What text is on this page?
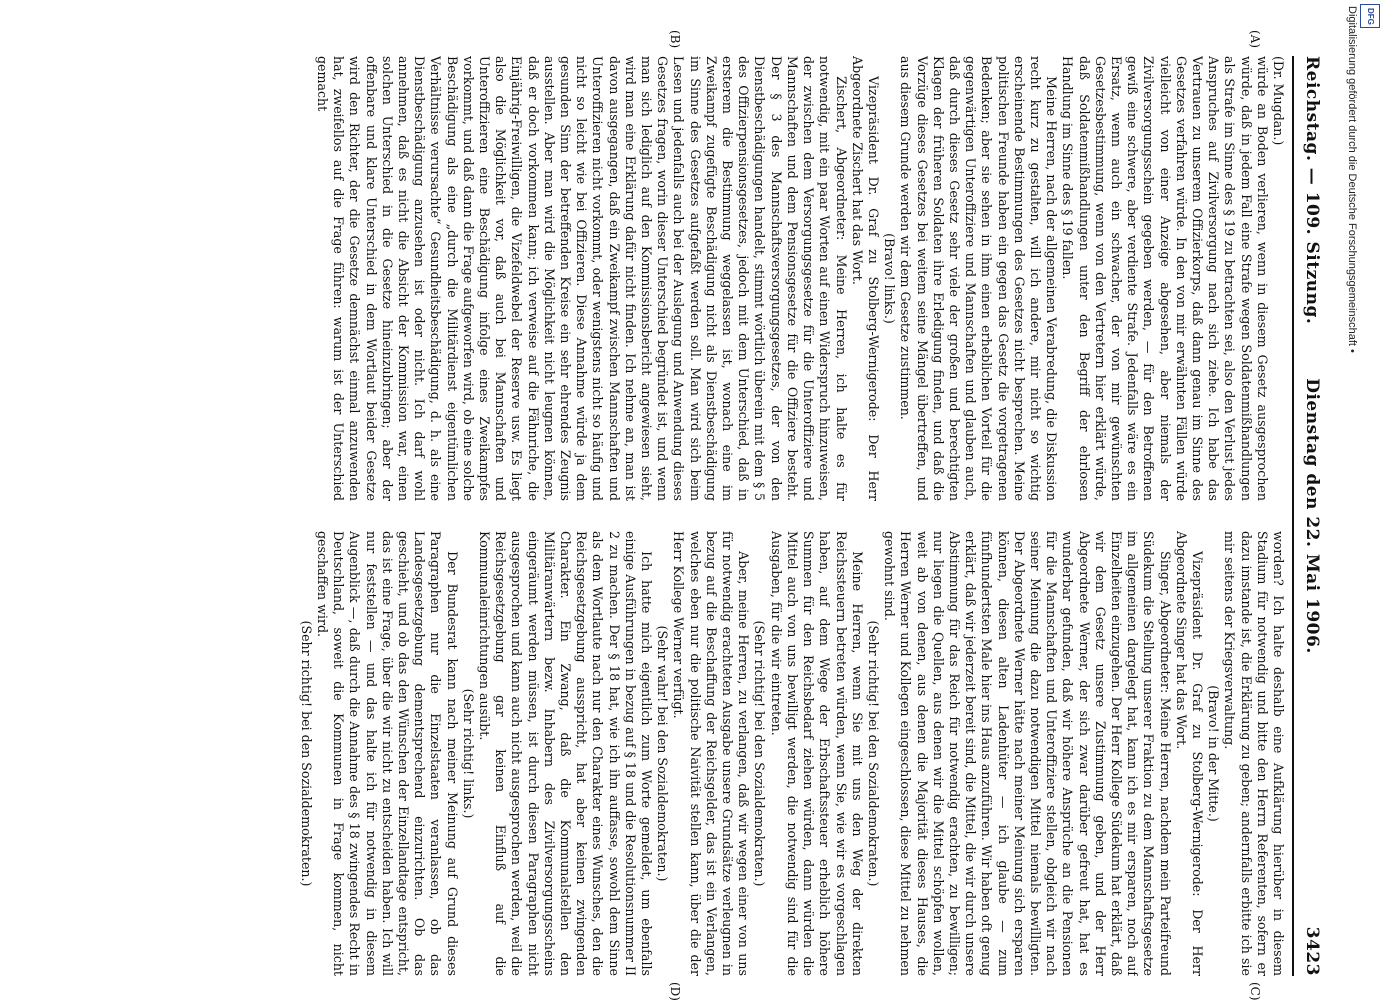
Reichstag. — 109. Sitzung.
Dienstag den 22. Mai 1906.
3423
(A)
(B)
(C)
(D)

(Dr. Mugdan.)

würde an Boden verlieren, wenn in diesem Gesetz ausgesprochen würde, daß in jedem Fall eine Strafe wegen Soldatenmißhandlungen als Strafe im Sinne des § 19 zu betrachten sei, also den Verlust jedes Anspruches auf Zivilversorgung nach sich ziehe. Ich habe das Vertrauen zu unserem Offizierkorps, daß dann genau im Sinne des Gesetzes verfahren würde. In den von mir erwähnten Fällen würde vielleicht von einer Anzeige abgesehen, aber niemals der Zivilversorgungsschein gegeben werden, — für den Betroffenen gewiß eine schwere, aber verdiente Strafe. Jedenfalls wäre es ein Ersatz, wenn auch ein schwacher, der von mir gewünschten Gesetzesbestimmung, wenn von den Vertretern hier erklärt würde, daß Soldatenmißhandlungen unter den Begriff der ehrlosen Handlung im Sinne des § 19 fallen.

Meine Herren, nach der allgemeinen Verabredung, die Diskussion recht kurz zu gestalten, will ich andere, mir nicht so wichtig erscheinende Bestimmungen des Gesetzes nicht besprechen. Meine politischen Freunde haben ein gegen das Gesetz die vorgetragenen Bedenken; aber sie sehen in ihm einen erheblichen Vorteil für die gegenwärtigen Unteroffiziere und Mannschaften und glauben auch, daß durch dieses Gesetz sehr viele der großen und berechtigten Klagen der früheren Soldaten ihre Erledigung finden, und daß die Vorzüge dieses Gesetzes bei weitem seine Mängel übertreffen, und aus diesem Grunde werden wir dem Gesetze zustimmen.

(Bravo! links.)

Vizepräsident Dr. Graf zu Stolberg-Wernigerode: Der Herr Abgeordnete Zischert hat das Wort.

Zischert, Abgeordneter: Meine Herren, ich halte es für notwendig, mit ein paar Worten auf einen Widerspruch hinzuweisen, der zwischen dem Versorgungsgesetze für die Unteroffiziere und Mannschaften und dem Pensionsgesetze für die Offiziere besteht. Der § 3 des Mannschaftsversorgungsgesetzes, der von den Dienstbeschädigungen handelt, stimmt wörtlich überein mit dem § 5 des Offizierpensionsgesetzes, jedoch mit dem Unterschied, daß in ersterem die Bestimmung weggelassen ist, wonach eine im Zweikampf zugefügte Beschädigung nicht als Dienstbeschädigung im Sinne des Gesetzes aufgefaßt werden soll. Man wird sich beim Lesen und jedenfalls auch bei der Auslegung und Anwendung dieses Gesetzes fragen, worin dieser Unterschied begründet ist, und wenn man sich lediglich auf den Kommissionsbericht angewiesen sieht, wird man eine Erklärung dafür nicht finden. Ich nehme an, man ist davon ausgegangen, daß ein Zweikampf zwischen Mannschaften und Unteroffizieren nicht vorkommt, oder wenigstens nicht so häufig und nicht so leicht wie bei Offizieren. Diese Annahme würde ja dem gesunden Sinn der betreffenden Kreise ein sehr ehrendes Zeugnis ausstellen. Aber man wird die Möglichkeit nicht leugnen können, daß er doch vorkommen kann; ich verweise auf die Fähnriche, die Einjährig-Freiwilligen, die Vizefeldwebel der Reserve usw. Es liegt also die Möglichkeit vor, daß auch bei Mannschaften und Unteroffizieren eine Beschädigung infolge eines Zweikampfes vorkommt, und daß dann die Frage aufgeworfen wird, ob eine solche Beschädigung als eine „durch die Militärdienst eigentümlichen Verhältnisse verursachte“ Gesundheitsbeschädigung, d. h. als eine Dienstbeschädigung anzusehen ist oder nicht. Ich darf wohl annehmen, daß es nicht die Absicht der Kommission war, einen solchen Unterschied in die Gesetze hineinzubringen; aber der offenbare und klare Unterschied in dem Wortlaut beider Gesetze wird den Richter, der die Gesetze demnächst einmal anzuwenden hat, zweifellos auf die Frage führen: warum ist der Unterschied gemacht

worden? Ich halte deshalb eine Aufklärung hierüber in diesem Stadium für notwendig und bitte den Herrn Referenten, sofern er dazu imstande ist, die Erklärung zu geben; andernfalls erbitte ich sie mir seitens der Kriegsverwaltung.

(Bravo! in der Mitte.)

Vizepräsident Dr. Graf zu Stolberg-Wernigerode: Der Herr Abgeordnete Singer hat das Wort.

Singer, Abgeordneter: Meine Herren, nachdem mein Parteifreund Südekum die Stellung unserer Fraktion zu dem Mannschaftsgesetze im allgemeinen dargelegt hat, kann ich es mir ersparen, noch auf Einzelheiten einzugehen. Der Herr Kollege Südekum hat erklärt, daß wir dem Gesetz unsere Zustimmung geben, und der Herr Abgeordnete Werner, der sich zwar darüber gefreut hat, hat es wunderbar gefunden, daß wir höhere Ansprüche an die Pensionen für die Mannschaften und Unteroffiziere stellen, obgleich wir nach seiner Meinung die dazu notwendigen Mittel niemals bewilligten. Der Abgeordnete Werner hätte nach meiner Meinung sich ersparen können, diesen alten Ladenhüter — ich glaube — zum fünfhundertsten Male hier ins Haus anzuführen. Wir haben oft genug erklärt, daß wir jederzeit bereit sind, die Mittel, die wir durch unsere Abstimmung für das Reich für notwendig erachten, zu bewilligen; nur liegen die Quellen, aus denen wir die Mittel schöpfen wollen, weit ab von denen, aus denen die Majorität dieses Hauses, die Herren Werner und Kollegen eingeschlossen, diese Mittel zu nehmen gewohnt sind.

(Sehr richtig! bei den Sozialdemokraten.)

Meine Herren, wenn Sie mit uns den Weg der direkten Reichssteuern betreten würden, wenn Sie, wie wir es vorgeschlagen haben, auf dem Wege der Erbschaftssteuer erheblich höhere Summen für den Reichsbedarf ziehen würden, dann würden die Mittel auch von uns bewilligt werden, die notwendig sind für die Ausgaben, für die wir eintreten.

(Sehr richtig! bei den Sozialdemokraten.)

Aber, meine Herren, zu verlangen, daß wir wegen einer von uns für notwendig erachteten Ausgabe unsere Grundsätze verleugnen in bezug auf die Beschaffung der Reichsgelder, das ist ein Verlangen, welches eben nur die politische Naivität stellen kann, über die der Herr Kollege Werner verfügt.

(Sehr wahr! bei den Sozialdemokraten.)

Ich hatte mich eigentlich zum Worte gemeldet, um ebenfalls einige Ausführungen in bezug auf § 18 und die Resolutionsnummer II 2 zu machen. Der § 18 hat, wie ich ihn auffasse, sowohl dem Sinne als dem Wortlaute nach nur den Charakter eines Wunsches, den die Reichsgesetzgebung ausspricht, hat aber keinen zwingenden Charakter. Ein Zwang, daß die Kommunalstellen den Militäranwärtern bezw. Inhabern des Zivilversorgungsscheins eingeräumt werden müssen, ist durch diesen Paragraphen nicht ausgesprochen und kann auch nicht ausgesprochen werden, weil die Reichsgesetzgebung gar keinen Einfluß auf die Kommunaleinrichtungen ausübt.

(Sehr richtig! links.)

Der Bundesrat kann nach meiner Meinung auf Grund dieses Paragraphen nur die Einzelstaaten veranlassen, ob das Landesgesetzgebung dementsprechend einzurichten. Ob das geschieht, und ob das den Wünschen der Einzellandtage entspricht, das ist eine Frage, über die wir nicht zu entscheiden haben. Ich will nur feststellen — und das halte ich für notwendig in diesem Augenblick —, daß durch die Annahme des § 18 zwingendes Recht in Deutschland, soweit die Kommunen in Frage kommen, nicht geschaffen wird.

(Sehr richtig! bei den Sozialdemokraten.)

DFG
Digitalisierung gefördert durch die Deutsche Forschungsgemeinschaft •
